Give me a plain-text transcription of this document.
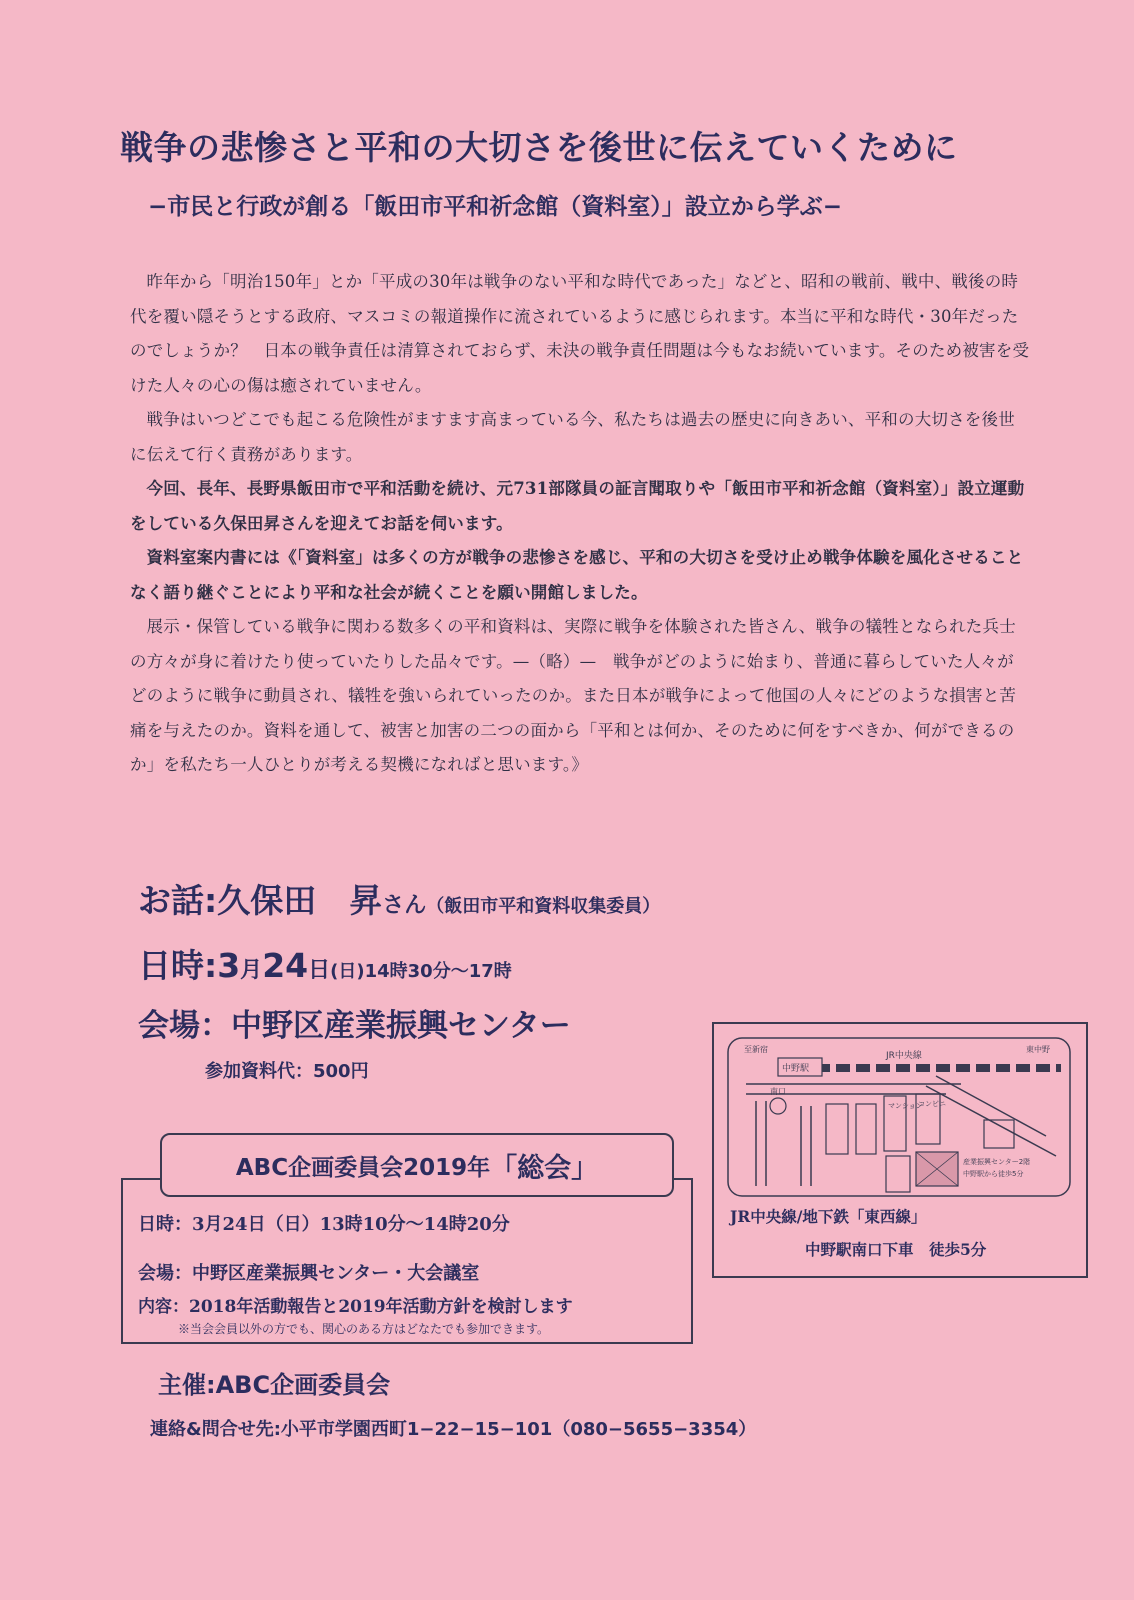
戦争の悲惨さと平和の大切さを後世に伝えていくために
−市民と行政が創る「飯田市平和祈念館（資料室）」設立から学ぶ−

昨年から「明治150年」とか「平成の30年は戦争のない平和な時代であった」などと、昭和の戦前、戦中、戦後の時代を覆い隠そうとする政府、マスコミの報道操作に流されているように感じられます。本当に平和な時代・30年だったのでしょうか？　日本の戦争責任は清算されておらず、未決の戦争責任問題は今もなお続いています。そのため被害を受けた人々の心の傷は癒されていません。

戦争はいつどこでも起こる危険性がますます高まっている今、私たちは過去の歴史に向きあい、平和の大切さを後世に伝えて行く責務があります。

今回、長年、長野県飯田市で平和活動を続け、元731部隊員の証言聞取りや「飯田市平和祈念館（資料室）」設立運動をしている久保田昇さんを迎えてお話を伺います。

資料室案内書には《「資料室」は多くの方が戦争の悲惨さを感じ、平和の大切さを受け止め戦争体験を風化させることなく語り継ぐことにより平和な社会が続くことを願い開館しました。

展示・保管している戦争に関わる数多くの平和資料は、実際に戦争を体験された皆さん、戦争の犠牲となられた兵士の方々が身に着けたり使っていたりした品々です。—（略）—　戦争がどのように始まり、普通に暮らしていた人々がどのように戦争に動員され、犠牲を強いられていったのか。また日本が戦争によって他国の人々にどのような損害と苦痛を与えたのか。資料を通して、被害と加害の二つの面から「平和とは何か、そのために何をすべきか、何ができるのか」を私たち一人ひとりが考える契機になればと思います。》

お話:久保田　昇さん（飯田市平和資料収集委員）
日時:3月24日(日)14時30分〜17時
会場：中野区産業振興センター
参加資料代：500円	中野駅
JR中央線
至新宿	東中野
南口
マンション
コンビニ
産業振興センター2階
中野駅から徒歩5分
JR中央線/地下鉄「東西線」
中野駅南口下車　徒歩5分
ABC企画委員会2019年 「総会」
日時：3月24日（日）13時10分〜14時20分
会場：中野区産業振興センター・大会議室
内容：2018年活動報告と2019年活動方針を検討します
※当会会員以外の方でも、関心のある方はどなたでも参加できます。
主催:ABC企画委員会
連絡&問合せ先:小平市学園西町1−22−15−101（080−5655−3354）
